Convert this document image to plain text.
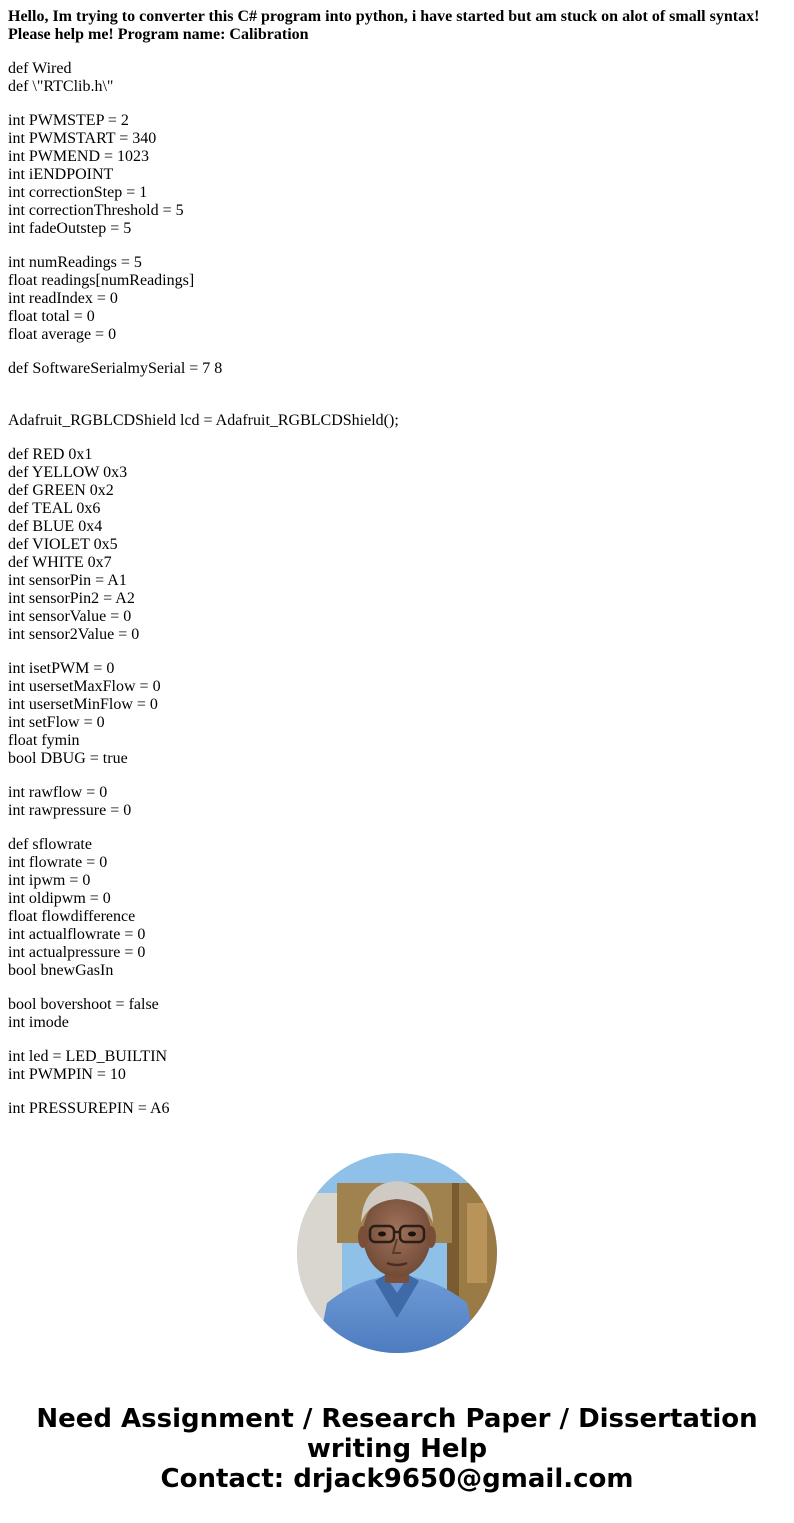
Hello, Im trying to converter this C# program into python, i have started but am stuck on alot of small syntax! Please help me! Program name: Calibration
def Wired
def \"RTClib.h\"
int PWMSTEP = 2
int PWMSTART = 340
int PWMEND = 1023
int iENDPOINT
int correctionStep = 1
int correctionThreshold = 5
int fadeOutstep = 5
int numReadings = 5
float readings[numReadings]
int readIndex = 0
float total = 0
float average = 0
def SoftwareSerialmySerial = 7 8
Adafruit_RGBLCDShield lcd = Adafruit_RGBLCDShield();
def RED 0x1
def YELLOW 0x3
def GREEN 0x2
def TEAL 0x6
def BLUE 0x4
def VIOLET 0x5
def WHITE 0x7
int sensorPin = A1
int sensorPin2 = A2
int sensorValue = 0
int sensor2Value = 0
int isetPWM = 0
int usersetMaxFlow = 0
int usersetMinFlow = 0
int setFlow = 0
float fymin
bool DBUG = true
int rawflow = 0
int rawpressure = 0
def sflowrate
int flowrate = 0
int ipwm = 0
int oldipwm = 0
float flowdifference
int actualflowrate = 0
int actualpressure = 0
bool bnewGasIn
bool bovershoot = false
int imode
int led = LED_BUILTIN
int PWMPIN = 10
int PRESSUREPIN = A6
Need Assignment / Research Paper / Dissertation
writing Help
Contact: drjack9650@gmail.com
